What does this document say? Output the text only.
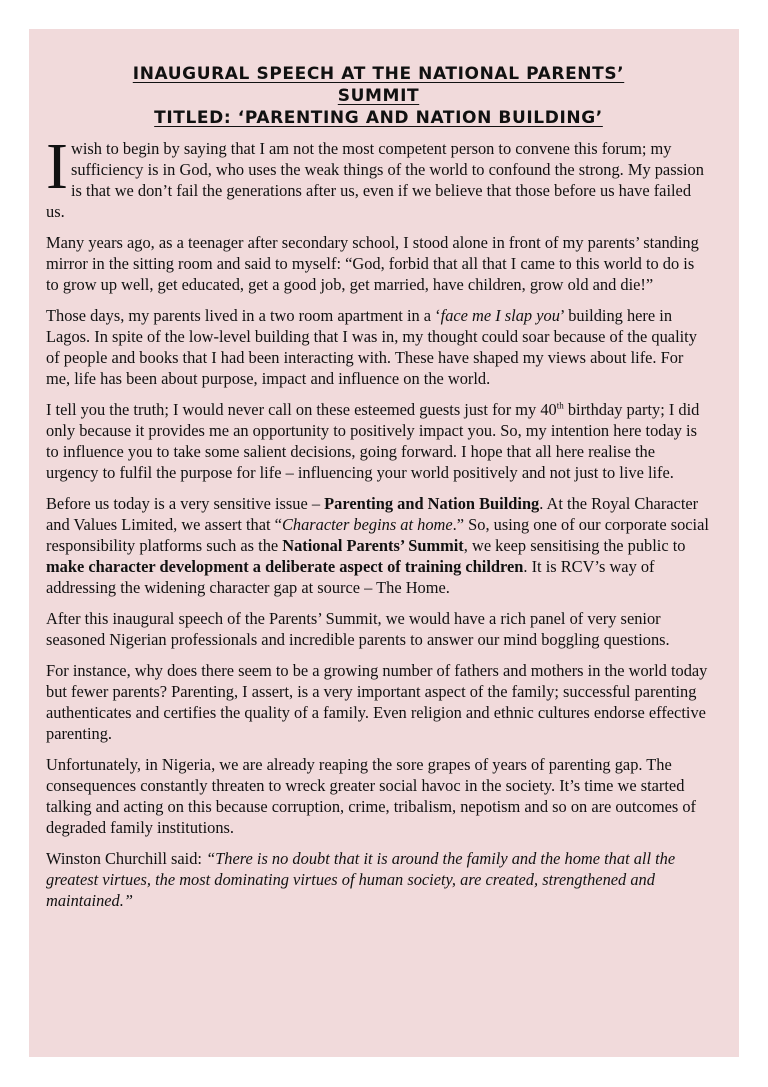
INAUGURAL SPEECH AT THE NATIONAL PARENTS’
SUMMIT
TITLED: ‘PARENTING AND NATION BUILDING’

I wish to begin by saying that I am not the most competent person to convene this forum; my sufficiency is in God, who uses the weak things of the world to confound the strong. My passion is that we don’t fail the generations after us, even if we believe that those before us have failed us.

Many years ago, as a teenager after secondary school, I stood alone in front of my parents’ standing mirror in the sitting room and said to myself: “God, forbid that all that I came to this world to do is to grow up well, get educated, get a good job, get married, have children, grow old and die!”

Those days, my parents lived in a two room apartment in a ‘face me I slap you’ building here in Lagos. In spite of the low-level building that I was in, my thought could soar because of the quality of people and books that I had been interacting with. These have shaped my views about life. For me, life has been about purpose, impact and influence on the world.

I tell you the truth; I would never call on these esteemed guests just for my 40th birthday party; I did only because it provides me an opportunity to positively impact you. So, my intention here today is to influence you to take some salient decisions, going forward. I hope that all here realise the urgency to fulfil the purpose for life – influencing your world positively and not just to live life.

Before us today is a very sensitive issue – Parenting and Nation Building. At the Royal Character and Values Limited, we assert that “Character begins at home.” So, using one of our corporate social responsibility platforms such as the National Parents’ Summit, we keep sensitising the public to make character development a deliberate aspect of training children. It is RCV’s way of addressing the widening character gap at source – The Home.

After this inaugural speech of the Parents’ Summit, we would have a rich panel of very senior seasoned Nigerian professionals and incredible parents to answer our mind boggling questions.

For instance, why does there seem to be a growing number of fathers and mothers in the world today but fewer parents? Parenting, I assert, is a very important aspect of the family; successful parenting authenticates and certifies the quality of a family. Even religion and ethnic cultures endorse effective parenting.

Unfortunately, in Nigeria, we are already reaping the sore grapes of years of parenting gap. The consequences constantly threaten to wreck greater social havoc in the society. It’s time we started talking and acting on this because corruption, crime, tribalism, nepotism and so on are outcomes of degraded family institutions.

Winston Churchill said: “There is no doubt that it is around the family and the home that all the greatest virtues, the most dominating virtues of human society, are created, strengthened and maintained.”
